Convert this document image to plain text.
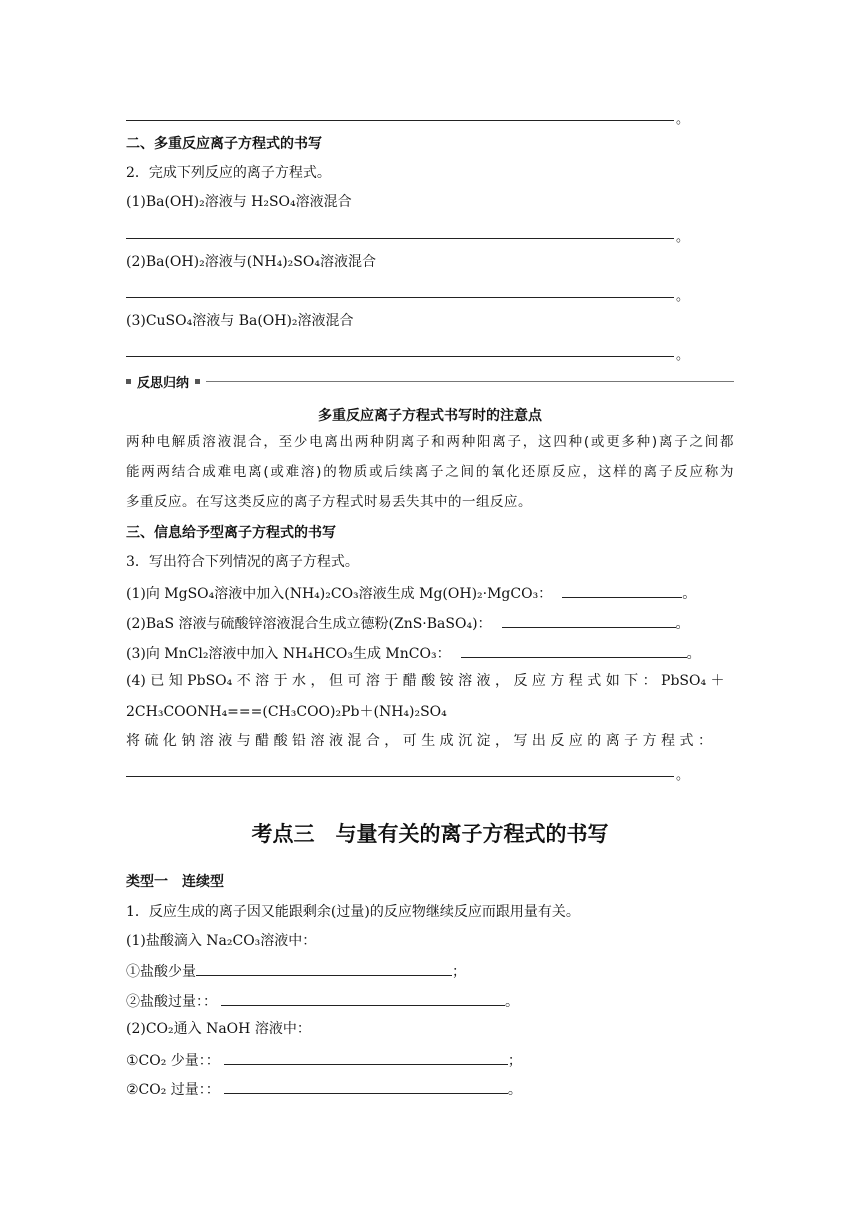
。
二、多重反应离子方程式的书写
2．完成下列反应的离子方程式。
(1)Ba(OH)₂溶液与 H₂SO₄溶液混合
。
(2)Ba(OH)₂溶液与(NH₄)₂SO₄溶液混合
。
(3)CuSO₄溶液与 Ba(OH)₂溶液混合
。
反思归纳
多重反应离子方程式书写时的注意点
两种电解质溶液混合，至少电离出两种阴离子和两种阳离子，这四种(或更多种)离子之间都
能两两结合成难电离(或难溶)的物质或后续离子之间的氧化还原反应，这样的离子反应称为
多重反应。在写这类反应的离子方程式时易丢失其中的一组反应。
三、信息给予型离子方程式的书写
3．写出符合下列情况的离子方程式。
(1)向 MgSO₄溶液中加入(NH₄)₂CO₃溶液生成 Mg(OH)₂·MgCO₃：	。
(2)BaS 溶液与硫酸锌溶液混合生成立德粉(ZnS·BaSO₄)：	。
(3)向 MnCl₂溶液中加入 NH₄HCO₃生成 MnCO₃：	。
(4) 已 知 PbSO₄ 不 溶 于 水 ， 但 可 溶 于 醋 酸 铵 溶 液 ， 反 应 方 程 式 如 下 ： PbSO₄ ＋
2CH₃COONH₄===(CH₃COO)₂Pb＋(NH₄)₂SO₄
将 硫 化 钠 溶 液 与 醋 酸 铅 溶 液 混 合 ， 可 生 成 沉 淀 ， 写 出 反 应 的 离 子 方 程 式 ：
。
考点三　与量有关的离子方程式的书写
类型一　连续型
1．反应生成的离子因又能跟剩余(过量)的反应物继续反应而跟用量有关。
(1)盐酸滴入 Na₂CO₃溶液中：
①盐酸少量	；
②盐酸过量：：	。
(2)CO₂通入 NaOH 溶液中：
①CO₂ 少量：：	；
②CO₂ 过量：：	。
